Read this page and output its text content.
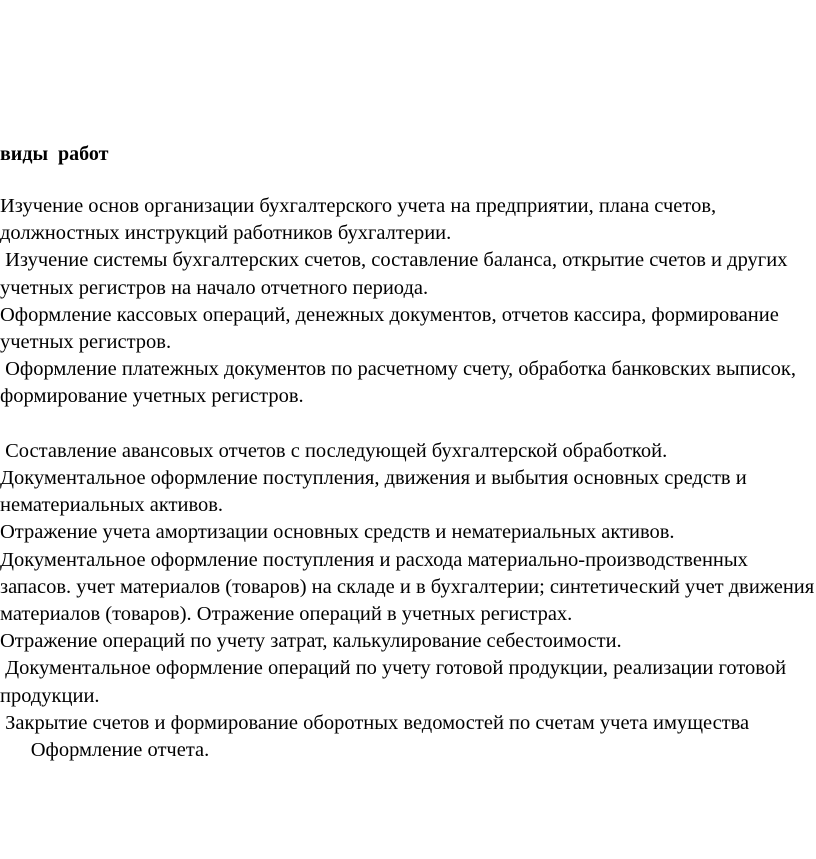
виды  работ

Изучение основ организации бухгалтерского учета на предприятии, плана счетов, должностных инструкций работников бухгалтерии.

Изучение системы бухгалтерских счетов, составление баланса, открытие счетов и других учетных регистров на начало отчетного периода.

Оформление кассовых операций, денежных документов, отчетов кассира, формирование учетных регистров.

Оформление платежных документов по расчетному счету, обработка банковских выписок, формирование учетных регистров.

Составление авансовых отчетов с последующей бухгалтерской обработкой.

Документальное оформление поступления, движения и выбытия основных средств и нематериальных активов.

Отражение учета амортизации основных средств и нематериальных активов.

Документальное оформление поступления и расхода материально-производственных запасов. учет материалов (товаров) на складе и в бухгалтерии; синтетический учет движения материалов (товаров). Отражение операций в учетных регистрах.

Отражение операций по учету затрат, калькулирование себестоимости.

Документальное оформление операций по учету готовой продукции, реализации готовой продукции.

Закрытие счетов и формирование оборотных ведомостей по счетам учета имущества

Оформление отчета.
